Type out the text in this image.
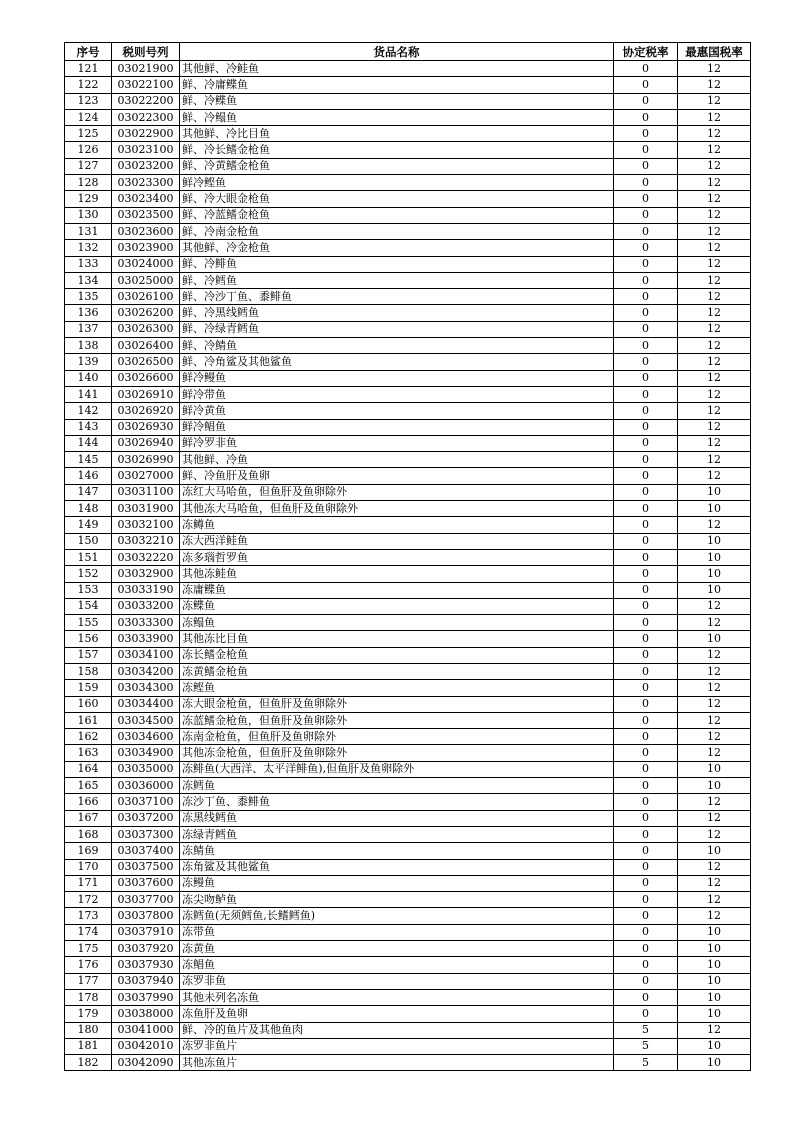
序号	税则号列	货品名称	协定税率	最惠国税率
121	03021900	其他鲜、冷鲑鱼	0	12
122	03022100	鲜、冷庸鲽鱼	0	12
123	03022200	鲜、冷鲽鱼	0	12
124	03022300	鲜、冷鳎鱼	0	12
125	03022900	其他鲜、冷比目鱼	0	12
126	03023100	鲜、冷长鳍金枪鱼	0	12
127	03023200	鲜、冷黄鳍金枪鱼	0	12
128	03023300	鲜冷鲣鱼	0	12
129	03023400	鲜、冷大眼金枪鱼	0	12
130	03023500	鲜、冷蓝鳍金枪鱼	0	12
131	03023600	鲜、冷南金枪鱼	0	12
132	03023900	其他鲜、冷金枪鱼	0	12
133	03024000	鲜、冷鲱鱼	0	12
134	03025000	鲜、冷鳕鱼	0	12
135	03026100	鲜、冷沙丁鱼、黍鲱鱼	0	12
136	03026200	鲜、冷黑线鳕鱼	0	12
137	03026300	鲜、冷绿青鳕鱼	0	12
138	03026400	鲜、冷鲭鱼	0	12
139	03026500	鲜、冷角鲨及其他鲨鱼	0	12
140	03026600	鲜冷鳗鱼	0	12
141	03026910	鲜冷带鱼	0	12
142	03026920	鲜冷黄鱼	0	12
143	03026930	鲜冷鲳鱼	0	12
144	03026940	鲜冷罗非鱼	0	12
145	03026990	其他鲜、冷鱼	0	12
146	03027000	鲜、冷鱼肝及鱼卵	0	12
147	03031100	冻红大马哈鱼，但鱼肝及鱼卵除外	0	10
148	03031900	其他冻大马哈鱼，但鱼肝及鱼卵除外	0	10
149	03032100	冻鳟鱼	0	12
150	03032210	冻大西洋鲑鱼	0	10
151	03032220	冻多瑙哲罗鱼	0	10
152	03032900	其他冻鲑鱼	0	10
153	03033190	冻庸鲽鱼	0	10
154	03033200	冻鲽鱼	0	12
155	03033300	冻鳎鱼	0	12
156	03033900	其他冻比目鱼	0	10
157	03034100	冻长鳍金枪鱼	0	12
158	03034200	冻黄鳍金枪鱼	0	12
159	03034300	冻鲣鱼	0	12
160	03034400	冻大眼金枪鱼，但鱼肝及鱼卵除外	0	12
161	03034500	冻蓝鳍金枪鱼，但鱼肝及鱼卵除外	0	12
162	03034600	冻南金枪鱼，但鱼肝及鱼卵除外	0	12
163	03034900	其他冻金枪鱼，但鱼肝及鱼卵除外	0	12
164	03035000	冻鲱鱼(大西洋、太平洋鲱鱼),但鱼肝及鱼卵除外	0	10
165	03036000	冻鳕鱼	0	10
166	03037100	冻沙丁鱼、黍鲱鱼	0	12
167	03037200	冻黑线鳕鱼	0	12
168	03037300	冻绿青鳕鱼	0	12
169	03037400	冻鲭鱼	0	10
170	03037500	冻角鲨及其他鲨鱼	0	12
171	03037600	冻鳗鱼	0	12
172	03037700	冻尖吻鲈鱼	0	12
173	03037800	冻鳕鱼(无须鳕鱼,长鳍鳕鱼)	0	12
174	03037910	冻带鱼	0	10
175	03037920	冻黄鱼	0	10
176	03037930	冻鲳鱼	0	10
177	03037940	冻罗非鱼	0	10
178	03037990	其他未列名冻鱼	0	10
179	03038000	冻鱼肝及鱼卵	0	10
180	03041000	鲜、冷的鱼片及其他鱼肉	5	12
181	03042010	冻罗非鱼片	5	10
182	03042090	其他冻鱼片	5	10
